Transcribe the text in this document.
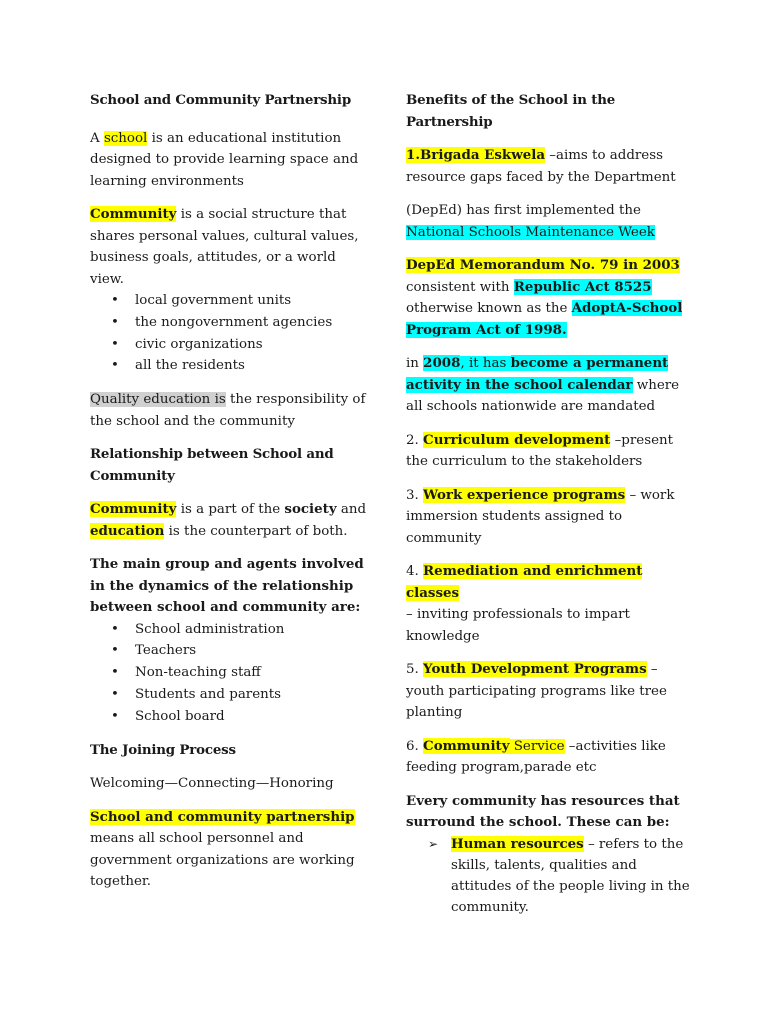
School and Community Partnership

A school is an educational institution designed to provide learning space and learning environments

Community is a social structure that shares personal values, cultural values, business goals, attitudes, or a world view.

• local government units
• the nongovernment agencies
• civic organizations
• all the residents

Quality education is the responsibility of the school and the community

Relationship between School and Community

Community is a part of the society and education is the counterpart of both.

The main group and agents involved in the dynamics of the relationship between school and community are:

• School administration
• Teachers
• Non-teaching staff
• Students and parents
• School board

The Joining Process

Welcoming—Connecting—Honoring

School and community partnership
means all school personnel and government organizations are working together.

Benefits of the School in the Partnership

1.Brigada Eskwela –aims to address resource gaps faced by the Department

(DepEd) has first implemented the National Schools Maintenance Week

DepEd Memorandum No. 79 in 2003
consistent with Republic Act 8525
otherwise known as the AdoptA-School Program Act of 1998.

in 2008, it has become a permanent activity in the school calendar where all schools nationwide are mandated

2. Curriculum development –present the curriculum to the stakeholders

3. Work experience programs – work immersion students assigned to community

4. Remediation and enrichment classes
– inviting professionals to impart knowledge

5. Youth Development Programs – youth participating programs like tree planting

6. Community Service –activities like feeding program,parade etc

Every community has resources that surround the school. These can be:

➢ Human resources – refers to the skills, talents, qualities and attitudes of the people living in the community.
